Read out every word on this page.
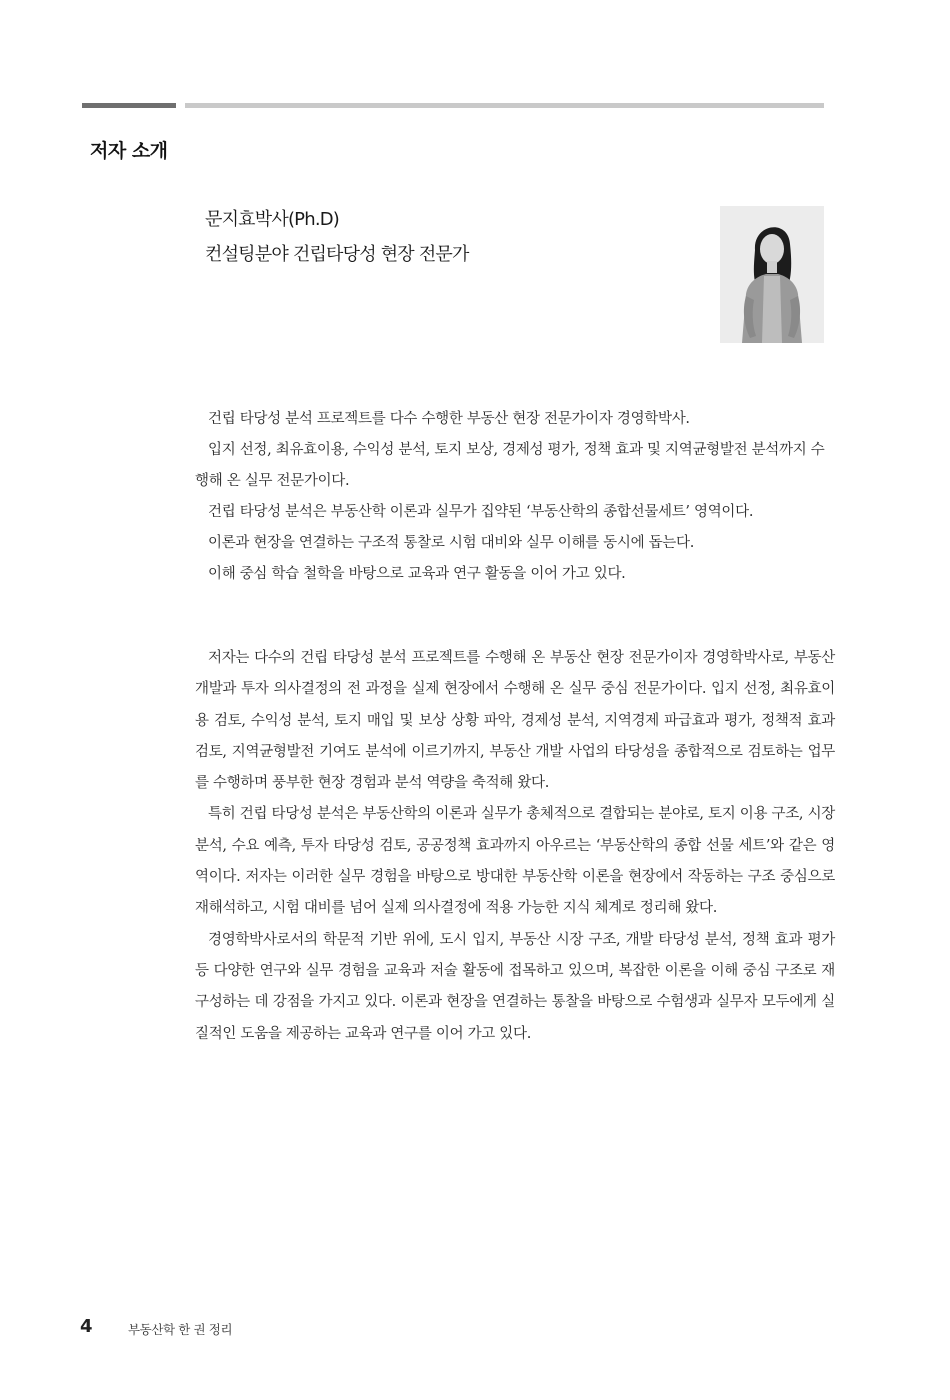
저자 소개
문지효박사(Ph.D)
컨설팅분야 건립타당성 현장 전문가

건립 타당성 분석 프로젝트를 다수 수행한 부동산 현장 전문가이자 경영학박사.

입지 선정, 최유효이용, 수익성 분석, 토지 보상, 경제성 평가, 정책 효과 및 지역균형발전 분석까지 수행해 온 실무 전문가이다.

건립 타당성 분석은 부동산학 이론과 실무가 집약된 ‘부동산학의 종합선물세트’ 영역이다.

이론과 현장을 연결하는 구조적 통찰로 시험 대비와 실무 이해를 동시에 돕는다.

이해 중심 학습 철학을 바탕으로 교육과 연구 활동을 이어 가고 있다.

저자는 다수의 건립 타당성 분석 프로젝트를 수행해 온 부동산 현장 전문가이자 경영학박사로, 부동산 개발과 투자 의사결정의 전 과정을 실제 현장에서 수행해 온 실무 중심 전문가이다. 입지 선정, 최유효이용 검토, 수익성 분석, 토지 매입 및 보상 상황 파악, 경제성 분석, 지역경제 파급효과 평가, 정책적 효과 검토, 지역균형발전 기여도 분석에 이르기까지, 부동산 개발 사업의 타당성을 종합적으로 검토하는 업무를 수행하며 풍부한 현장 경험과 분석 역량을 축적해 왔다.

특히 건립 타당성 분석은 부동산학의 이론과 실무가 총체적으로 결합되는 분야로, 토지 이용 구조, 시장 분석, 수요 예측, 투자 타당성 검토, 공공정책 효과까지 아우르는 ‘부동산학의 종합 선물 세트’와 같은 영역이다. 저자는 이러한 실무 경험을 바탕으로 방대한 부동산학 이론을 현장에서 작동하는 구조 중심으로 재해석하고, 시험 대비를 넘어 실제 의사결정에 적용 가능한 지식 체계로 정리해 왔다.

경영학박사로서의 학문적 기반 위에, 도시 입지, 부동산 시장 구조, 개발 타당성 분석, 정책 효과 평가 등 다양한 연구와 실무 경험을 교육과 저술 활동에 접목하고 있으며, 복잡한 이론을 이해 중심 구조로 재구성하는 데 강점을 가지고 있다. 이론과 현장을 연결하는 통찰을 바탕으로 수험생과 실무자 모두에게 실질적인 도움을 제공하는 교육과 연구를 이어 가고 있다.

4	부동산학 한 권 정리
